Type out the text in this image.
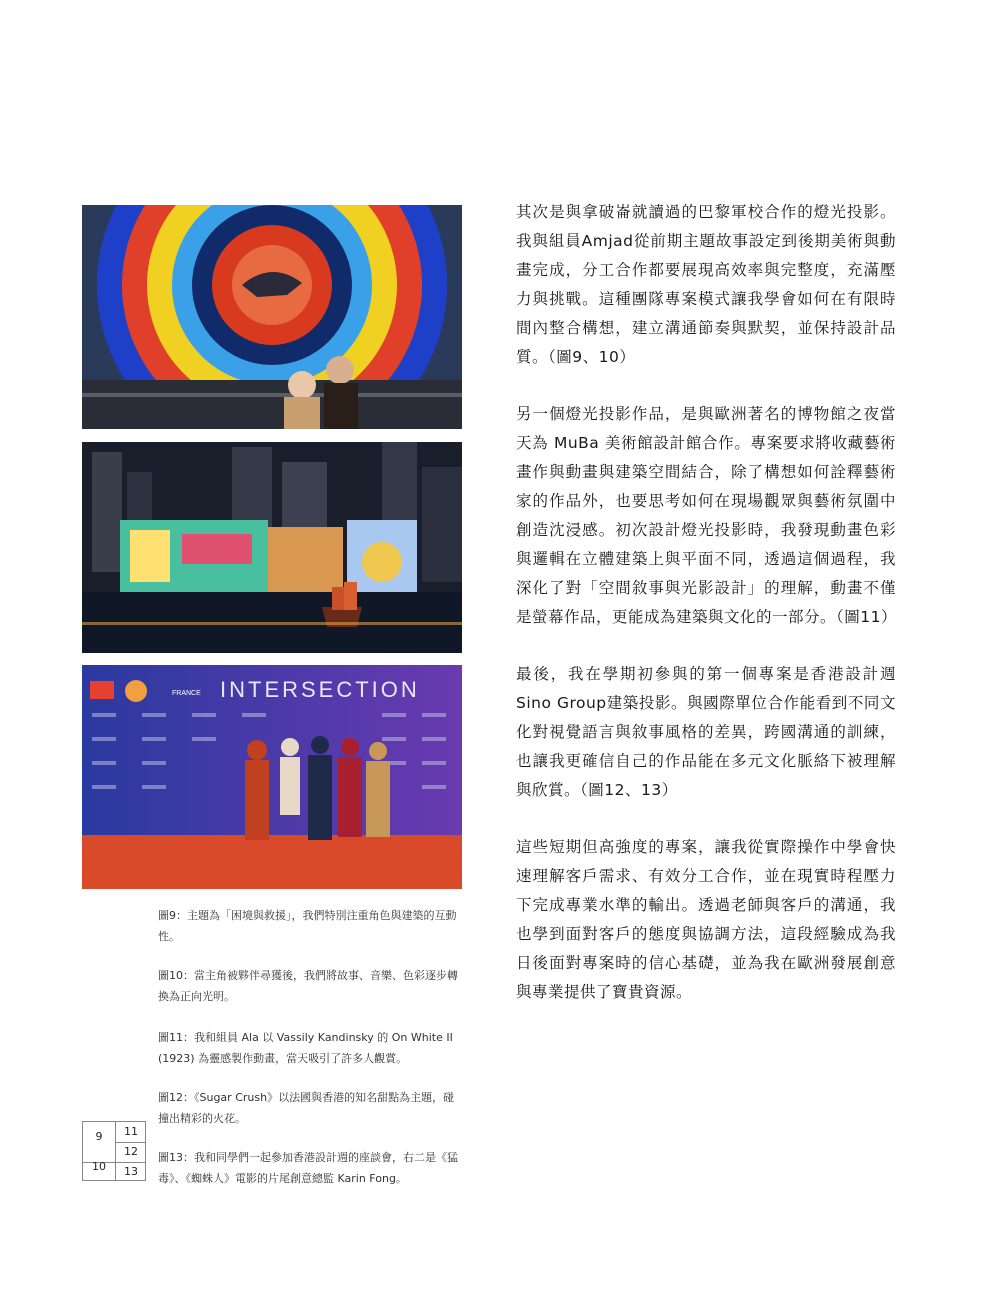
FRANCE INTERSECTION

圖9：主題為「困境與救援」，我們特別注重角色與建築的互動性。

圖10：當主角被夥伴尋獲後，我們將故事、音樂、色彩逐步轉換為正向光明。

圖11：我和組員 Ala 以 Vassily Kandinsky 的 On White II (1923) 為靈感製作動畫，當天吸引了許多人觀賞。

圖12：《Sugar Crush》以法國與香港的知名甜點為主題，碰撞出精彩的火花。

圖13：我和同學們一起參加香港設計週的座談會，右二是《猛毒》、《蜘蛛人》電影的片尾創意總監 Karin Fong。

9
10
11
12
13

其次是與拿破崙就讀過的巴黎軍校合作的燈光投影。我與組員Amjad從前期主題故事設定到後期美術與動畫完成，分工合作都要展現高效率與完整度，充滿壓力與挑戰。這種團隊專案模式讓我學會如何在有限時間內整合構想，建立溝通節奏與默契，並保持設計品質。（圖9、10）

另一個燈光投影作品，是與歐洲著名的博物館之夜當天為 MuBa 美術館設計館合作。專案要求將收藏藝術畫作與動畫與建築空間結合，除了構想如何詮釋藝術家的作品外，也要思考如何在現場觀眾與藝術氛圍中創造沈浸感。初次設計燈光投影時，我發現動畫色彩與邏輯在立體建築上與平面不同，透過這個過程，我深化了對「空間敘事與光影設計」的理解，動畫不僅是螢幕作品，更能成為建築與文化的一部分。（圖11）

最後，我在學期初參與的第一個專案是香港設計週Sino Group建築投影。與國際單位合作能看到不同文化對視覺語言與敘事風格的差異，跨國溝通的訓練，也讓我更確信自己的作品能在多元文化脈絡下被理解與欣賞。（圖12、13）

這些短期但高強度的專案，讓我從實際操作中學會快速理解客戶需求、有效分工合作，並在現實時程壓力下完成專業水準的輸出。透過老師與客戶的溝通，我也學到面對客戶的態度與協調方法，這段經驗成為我日後面對專案時的信心基礎，並為我在歐洲發展創意與專業提供了寶貴資源。
